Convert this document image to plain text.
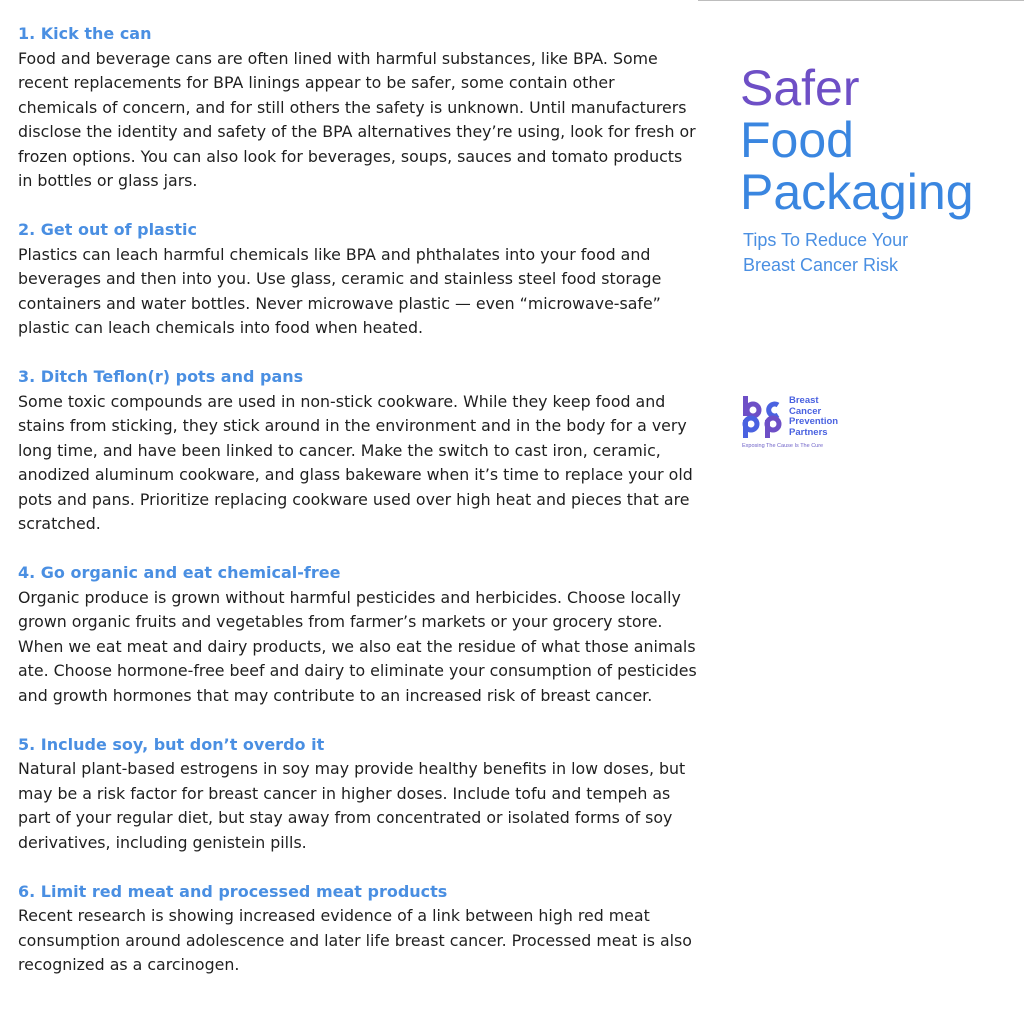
1. Kick the can

Food and beverage cans are often lined with harmful substances, like BPA. Some recent replacements for BPA linings appear to be safer, some contain other chemicals of concern, and for still others the safety is unknown. Until manufacturers disclose the identity and safety of the BPA alternatives they’re using, look for fresh or frozen options. You can also look for beverages, soups, sauces and tomato products in bottles or glass jars.

2. Get out of plastic

Plastics can leach harmful chemicals like BPA and phthalates into your food and beverages and then into you. Use glass, ceramic and stainless steel food storage containers and water bottles. Never microwave plastic — even “microwave-safe” plastic can leach chemicals into food when heated.

3. Ditch Teflon(r) pots and pans

Some toxic compounds are used in non-stick cookware. While they keep food and stains from sticking, they stick around in the environment and in the body for a very long time, and have been linked to cancer. Make the switch to cast iron, ceramic, anodized aluminum cookware, and glass bakeware when it’s time to replace your old pots and pans. Prioritize replacing cookware used over high heat and pieces that are scratched.

4. Go organic and eat chemical-free

Organic produce is grown without harmful pesticides and herbicides. Choose locally grown organic fruits and vegetables from farmer’s markets or your grocery store. When we eat meat and dairy products, we also eat the residue of what those animals ate. Choose hormone-free beef and dairy to eliminate your consumption of pesticides and growth hormones that may contribute to an increased risk of breast cancer.

5. Include soy, but don’t overdo it

Natural plant-based estrogens in soy may provide healthy benefits in low doses, but may be a risk factor for breast cancer in higher doses. Include tofu and tempeh as part of your regular diet, but stay away from concentrated or isolated forms of soy derivatives, including genistein pills.

6. Limit red meat and processed meat products

Recent research is showing increased evidence of a link between high red meat consumption around adolescence and later life breast cancer. Processed meat is also recognized as a carcinogen.

Safer
Food
Packaging

Tips To Reduce Your
Breast Cancer Risk

Breast
Cancer
Prevention
Partners
Exposing The Cause Is The Cure
